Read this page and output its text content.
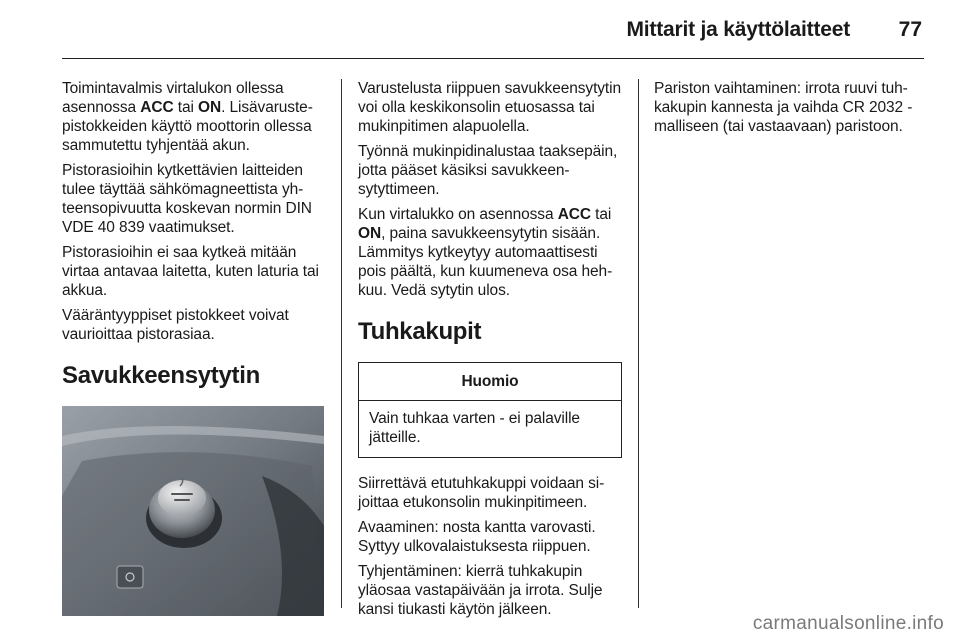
Mittarit ja käyttölaitteet	77

Toimintavalmis virtalukon ollessa asennossa ACC tai ON. Lisävarustepistokkeiden käyttö moottorin ollessa sammutettu tyhjentää akun.

Pistorasioihin kytkettävien laitteiden tulee täyttää sähkömagneettista yhteensopivuutta koskevan normin DIN VDE 40 839 vaatimukset.

Pistorasioihin ei saa kytkeä mitään virtaa antavaa laitetta, kuten laturia tai akkua.

Vääräntyyppiset pistokkeet voivat vaurioittaa pistorasiaa.

Savukkeensytytin

Varustelusta riippuen savukkeensytytin voi olla keskikonsolin etuosassa tai mukinpitimen alapuolella.

Työnnä mukinpidinalustaa taaksepäin, jotta pääset käsiksi savukkeensytyttimeen.

Kun virtalukko on asennossa ACC tai ON, paina savukkeensytytin sisään. Lämmitys kytkeytyy automaattisesti pois päältä, kun kuumeneva osa hehkuu. Vedä sytytin ulos.

Tuhkakupit
Huomio
Vain tuhkaa varten - ei palaville jätteille.

Siirrettävä etutuhkakuppi voidaan sijoittaa etukonsolin mukinpitimeen.

Avaaminen: nosta kantta varovasti. Syttyy ulkovalaistuksesta riippuen.

Tyhjentäminen: kierrä tuhkakupin yläosaa vastapäivään ja irrota. Sulje kansi tiukasti käytön jälkeen.

Pariston vaihtaminen: irrota ruuvi tuhkakupin kannesta ja vaihda CR 2032 -malliseen (tai vastaavaan) paristoon.

carmanualsonline.info
